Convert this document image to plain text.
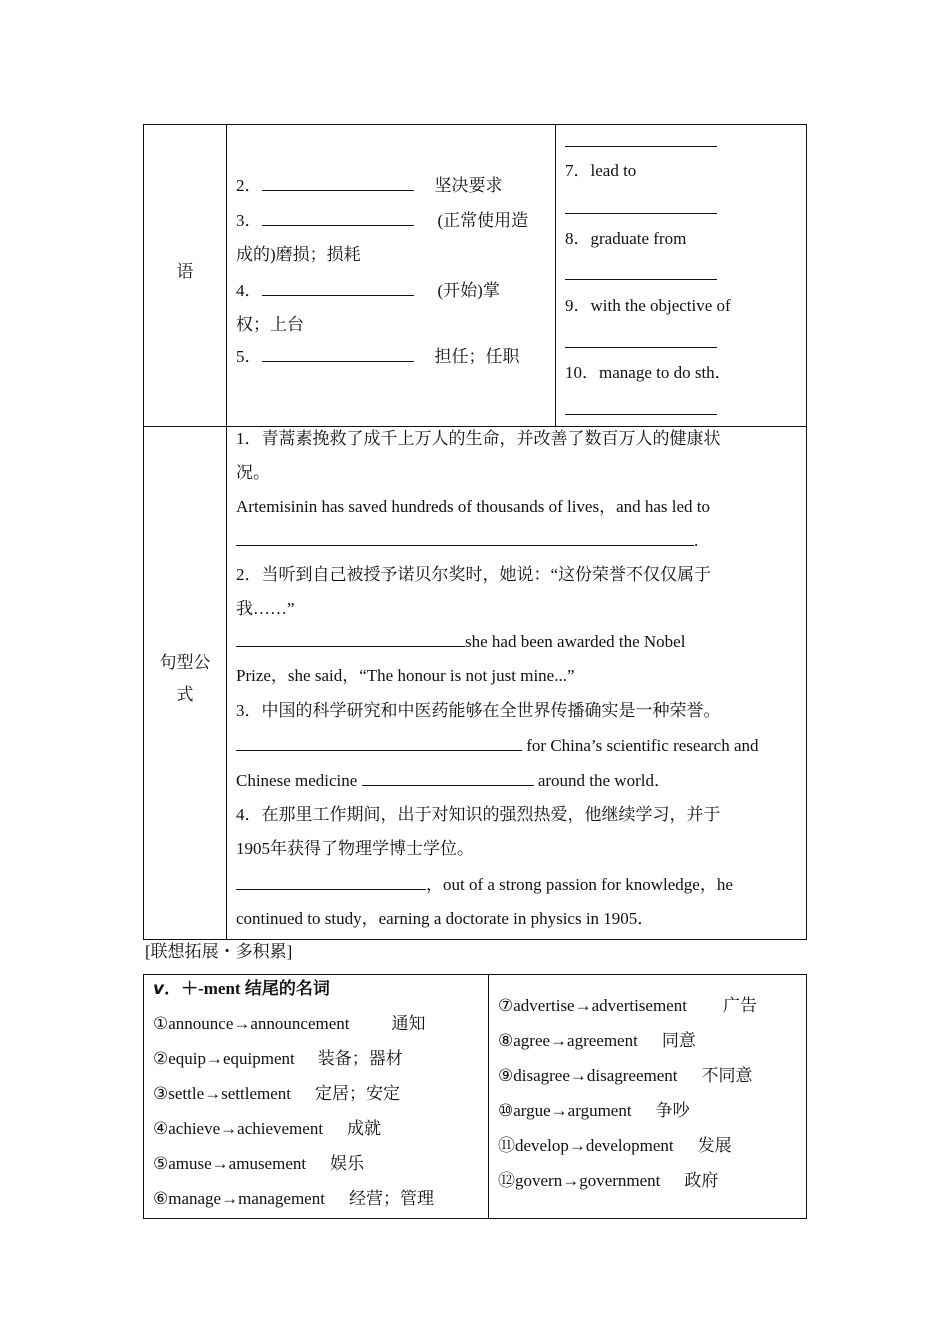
语
2．	坚决要求
3．	(正常使用造
成的)磨损；损耗
4．	(开始)掌
权；上台
5．	担任；任职
7．lead to
8．graduate from
9．with the objective of
10．manage to do sth．
句型公
式
1．青蒿素挽救了成千上万人的生命，并改善了数百万人的健康状
况。
Artemisinin has saved hundreds of thousands of lives，and has led to
.
2．当听到自己被授予诺贝尔奖时，她说：“这份荣誉不仅仅属于
我……”
she had been awarded the Nobel
Prize，she said，“The honour is not just mine...”
3．中国的科学研究和中医药能够在全世界传播确实是一种荣誉。
for China’s scientific research and
Chinese medicine	around the world．
4．在那里工作期间，出于对知识的强烈热爱，他继续学习，并于
1905年获得了物理学博士学位。
，out of a strong passion for knowledge，he
continued to study，earning a doctorate in physics in 1905．
[联想拓展・多积累]
v．＋-ment 结尾的名词
①announce→announcement 通知
②equip→equipment 装备；器材
③settle→settlement 定居；安定
④achieve→achievement 成就
⑤amuse→amusement 娱乐
⑥manage→management 经营；管理
⑦advertise→advertisement 广告
⑧agree→agreement 同意
⑨disagree→disagreement 不同意
⑩argue→argument 争吵
⑪develop→development 发展
⑫govern→government 政府
